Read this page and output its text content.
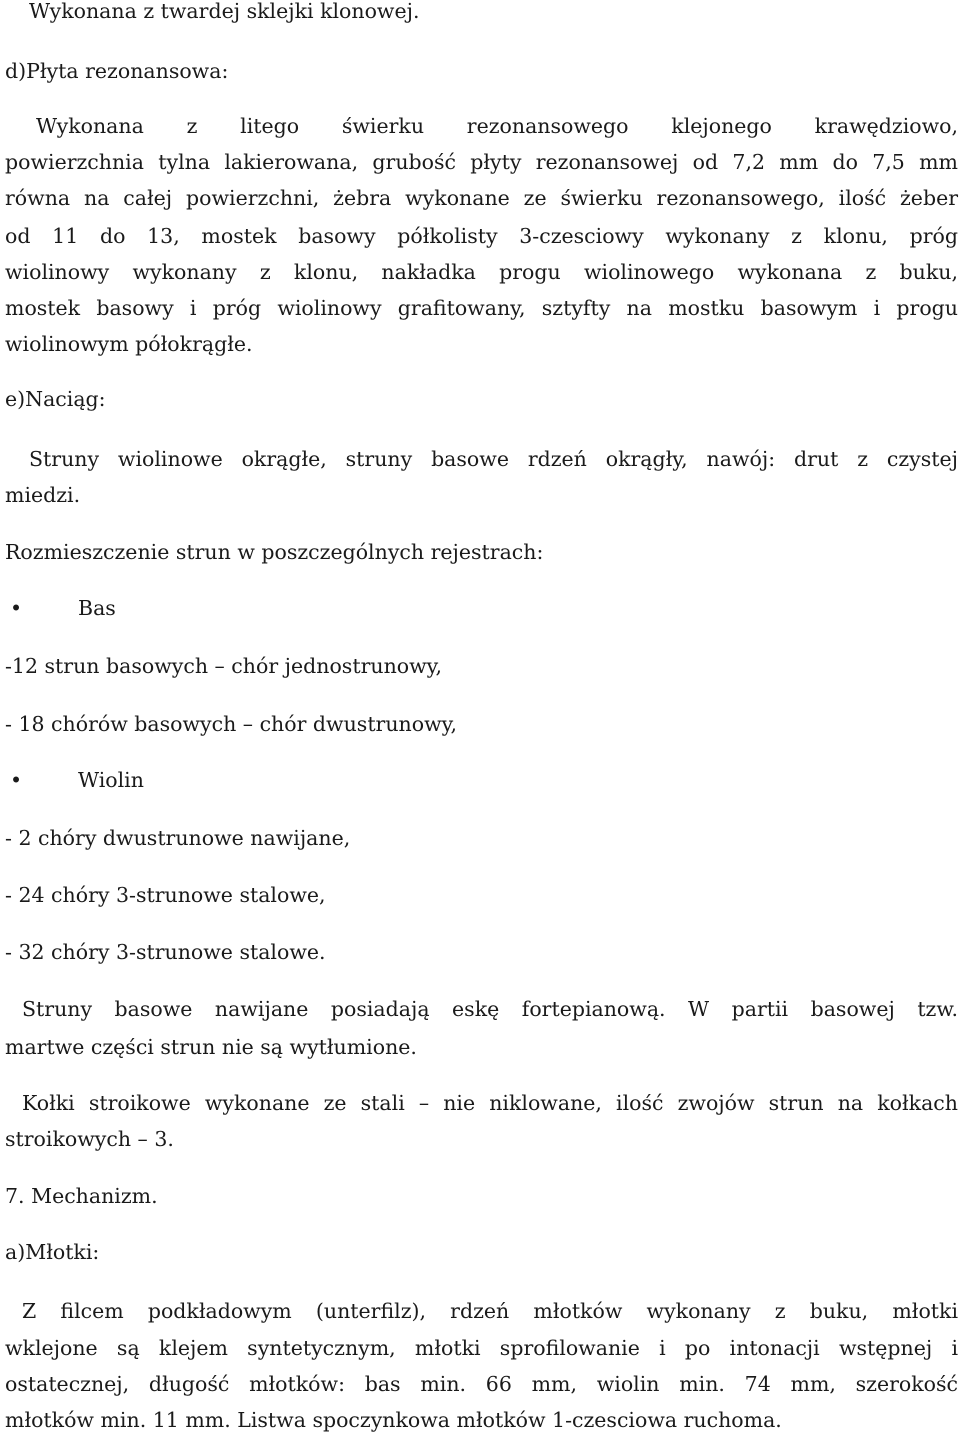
Wykonana z twardej sklejki klonowej.
d)Płyta rezonansowa:
Wykonana z litego świerku rezonansowego klejonego krawędziowo,
powierzchnia tylna lakierowana, grubość płyty rezonansowej od 7,2 mm do 7,5 mm
równa na całej powierzchni, żebra wykonane ze świerku rezonansowego, ilość żeber
od 11 do 13, mostek basowy półkolisty 3-czesciowy wykonany z klonu, próg
wiolinowy wykonany z klonu, nakładka progu wiolinowego wykonana z buku,
mostek basowy i próg wiolinowy grafitowany, sztyfty na mostku basowym i progu
wiolinowym półokrągłe.
e)Naciąg:
Struny wiolinowe okrągłe, struny basowe rdzeń okrągły, nawój: drut z czystej
miedzi.
Rozmieszczenie strun w poszczególnych rejestrach:
•	Bas
-12 strun basowych – chór jednostrunowy,
- 18 chórów basowych – chór dwustrunowy,
•	Wiolin
- 2 chóry dwustrunowe nawijane,
- 24 chóry 3-strunowe stalowe,
- 32 chóry 3-strunowe stalowe.
Struny basowe nawijane posiadają eskę fortepianową. W partii basowej tzw.
martwe części strun nie są wytłumione.
Kołki stroikowe wykonane ze stali – nie niklowane, ilość zwojów strun na kołkach
stroikowych – 3.
7. Mechanizm.
a)Młotki:
Z filcem podkładowym (unterfilz), rdzeń młotków wykonany z buku, młotki
wklejone są klejem syntetycznym, młotki sprofilowanie i po intonacji wstępnej i
ostatecznej, długość młotków: bas min. 66 mm, wiolin min. 74 mm, szerokość
młotków min. 11 mm. Listwa spoczynkowa młotków 1-czesciowa ruchoma.
